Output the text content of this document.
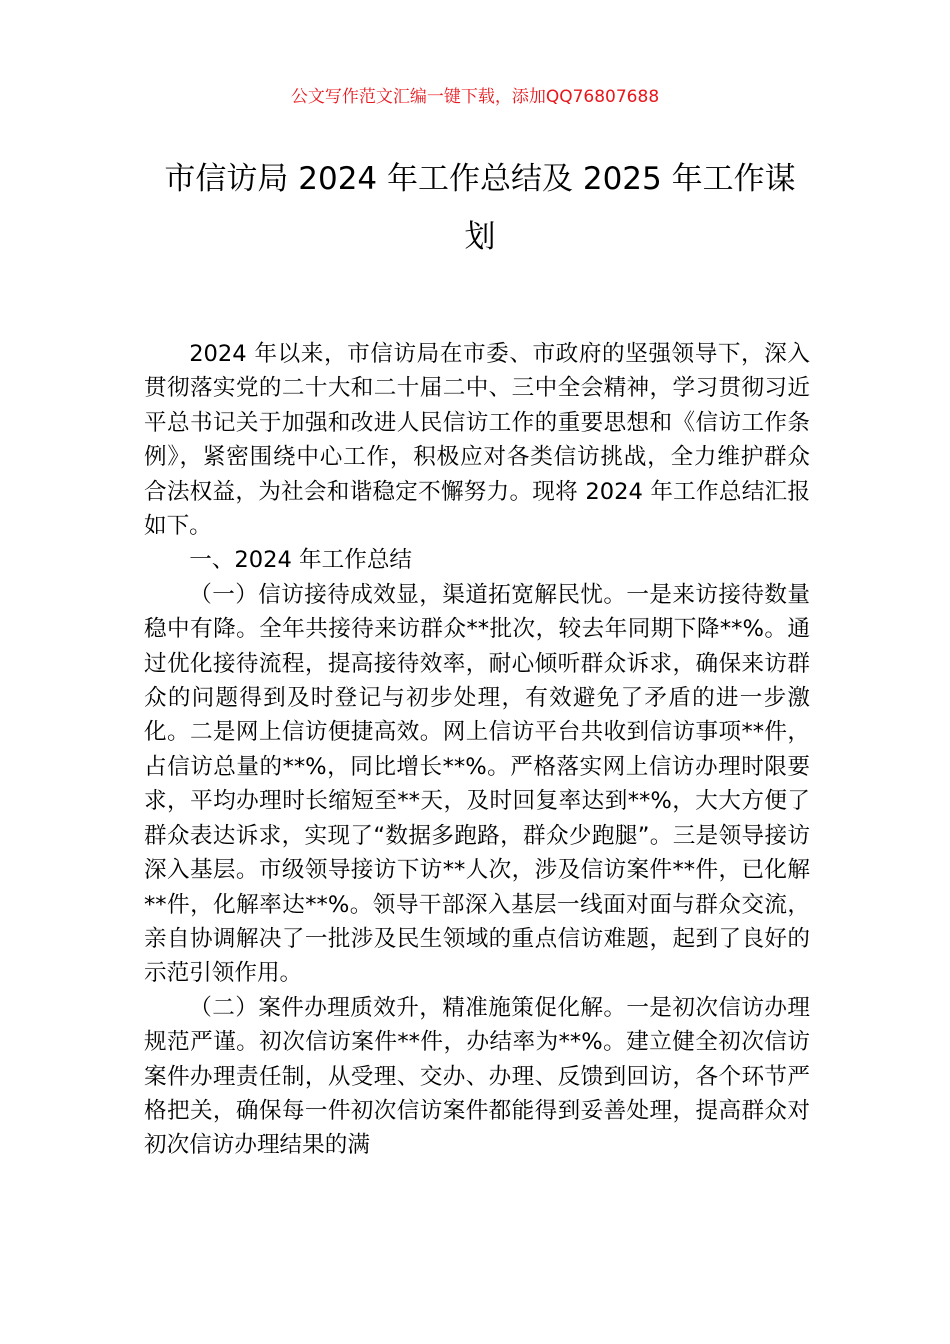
公文写作范文汇编一键下载，添加QQ76807688
市信访局 2024 年工作总结及 2025 年工作谋
划

2024 年以来，市信访局在市委、市政府的坚强领导下，深入贯彻落实党的二十大和二十届二中、三中全会精神，学习贯彻习近平总书记关于加强和改进人民信访工作的重要思想和《信访工作条例》，紧密围绕中心工作，积极应对各类信访挑战，全力维护群众合法权益，为社会和谐稳定不懈努力。现将 2024 年工作总结汇报如下。

一、2024 年工作总结

（一）信访接待成效显，渠道拓宽解民忧。一是来访接待数量稳中有降。全年共接待来访群众**批次，较去年同期下降**%。通过优化接待流程，提高接待效率，耐心倾听群众诉求，确保来访群众的问题得到及时登记与初步处理，有效避免了矛盾的进一步激化。二是网上信访便捷高效。网上信访平台共收到信访事项**件，占信访总量的**%，同比增长**%。严格落实网上信访办理时限要求，平均办理时长缩短至**天，及时回复率达到**%，大大方便了群众表达诉求，实现了“数据多跑路，群众少跑腿”。三是领导接访深入基层。市级领导接访下访**人次，涉及信访案件**件，已化解**件，化解率达**%。领导干部深入基层一线面对面与群众交流，亲自协调解决了一批涉及民生领域的重点信访难题，起到了良好的示范引领作用。

（二）案件办理质效升，精准施策促化解。一是初次信访办理规范严谨。初次信访案件**件，办结率为**%。建立健全初次信访案件办理责任制，从受理、交办、办理、反馈到回访，各个环节严格把关，确保每一件初次信访案件都能得到妥善处理，提高群众对初次信访办理结果的满
